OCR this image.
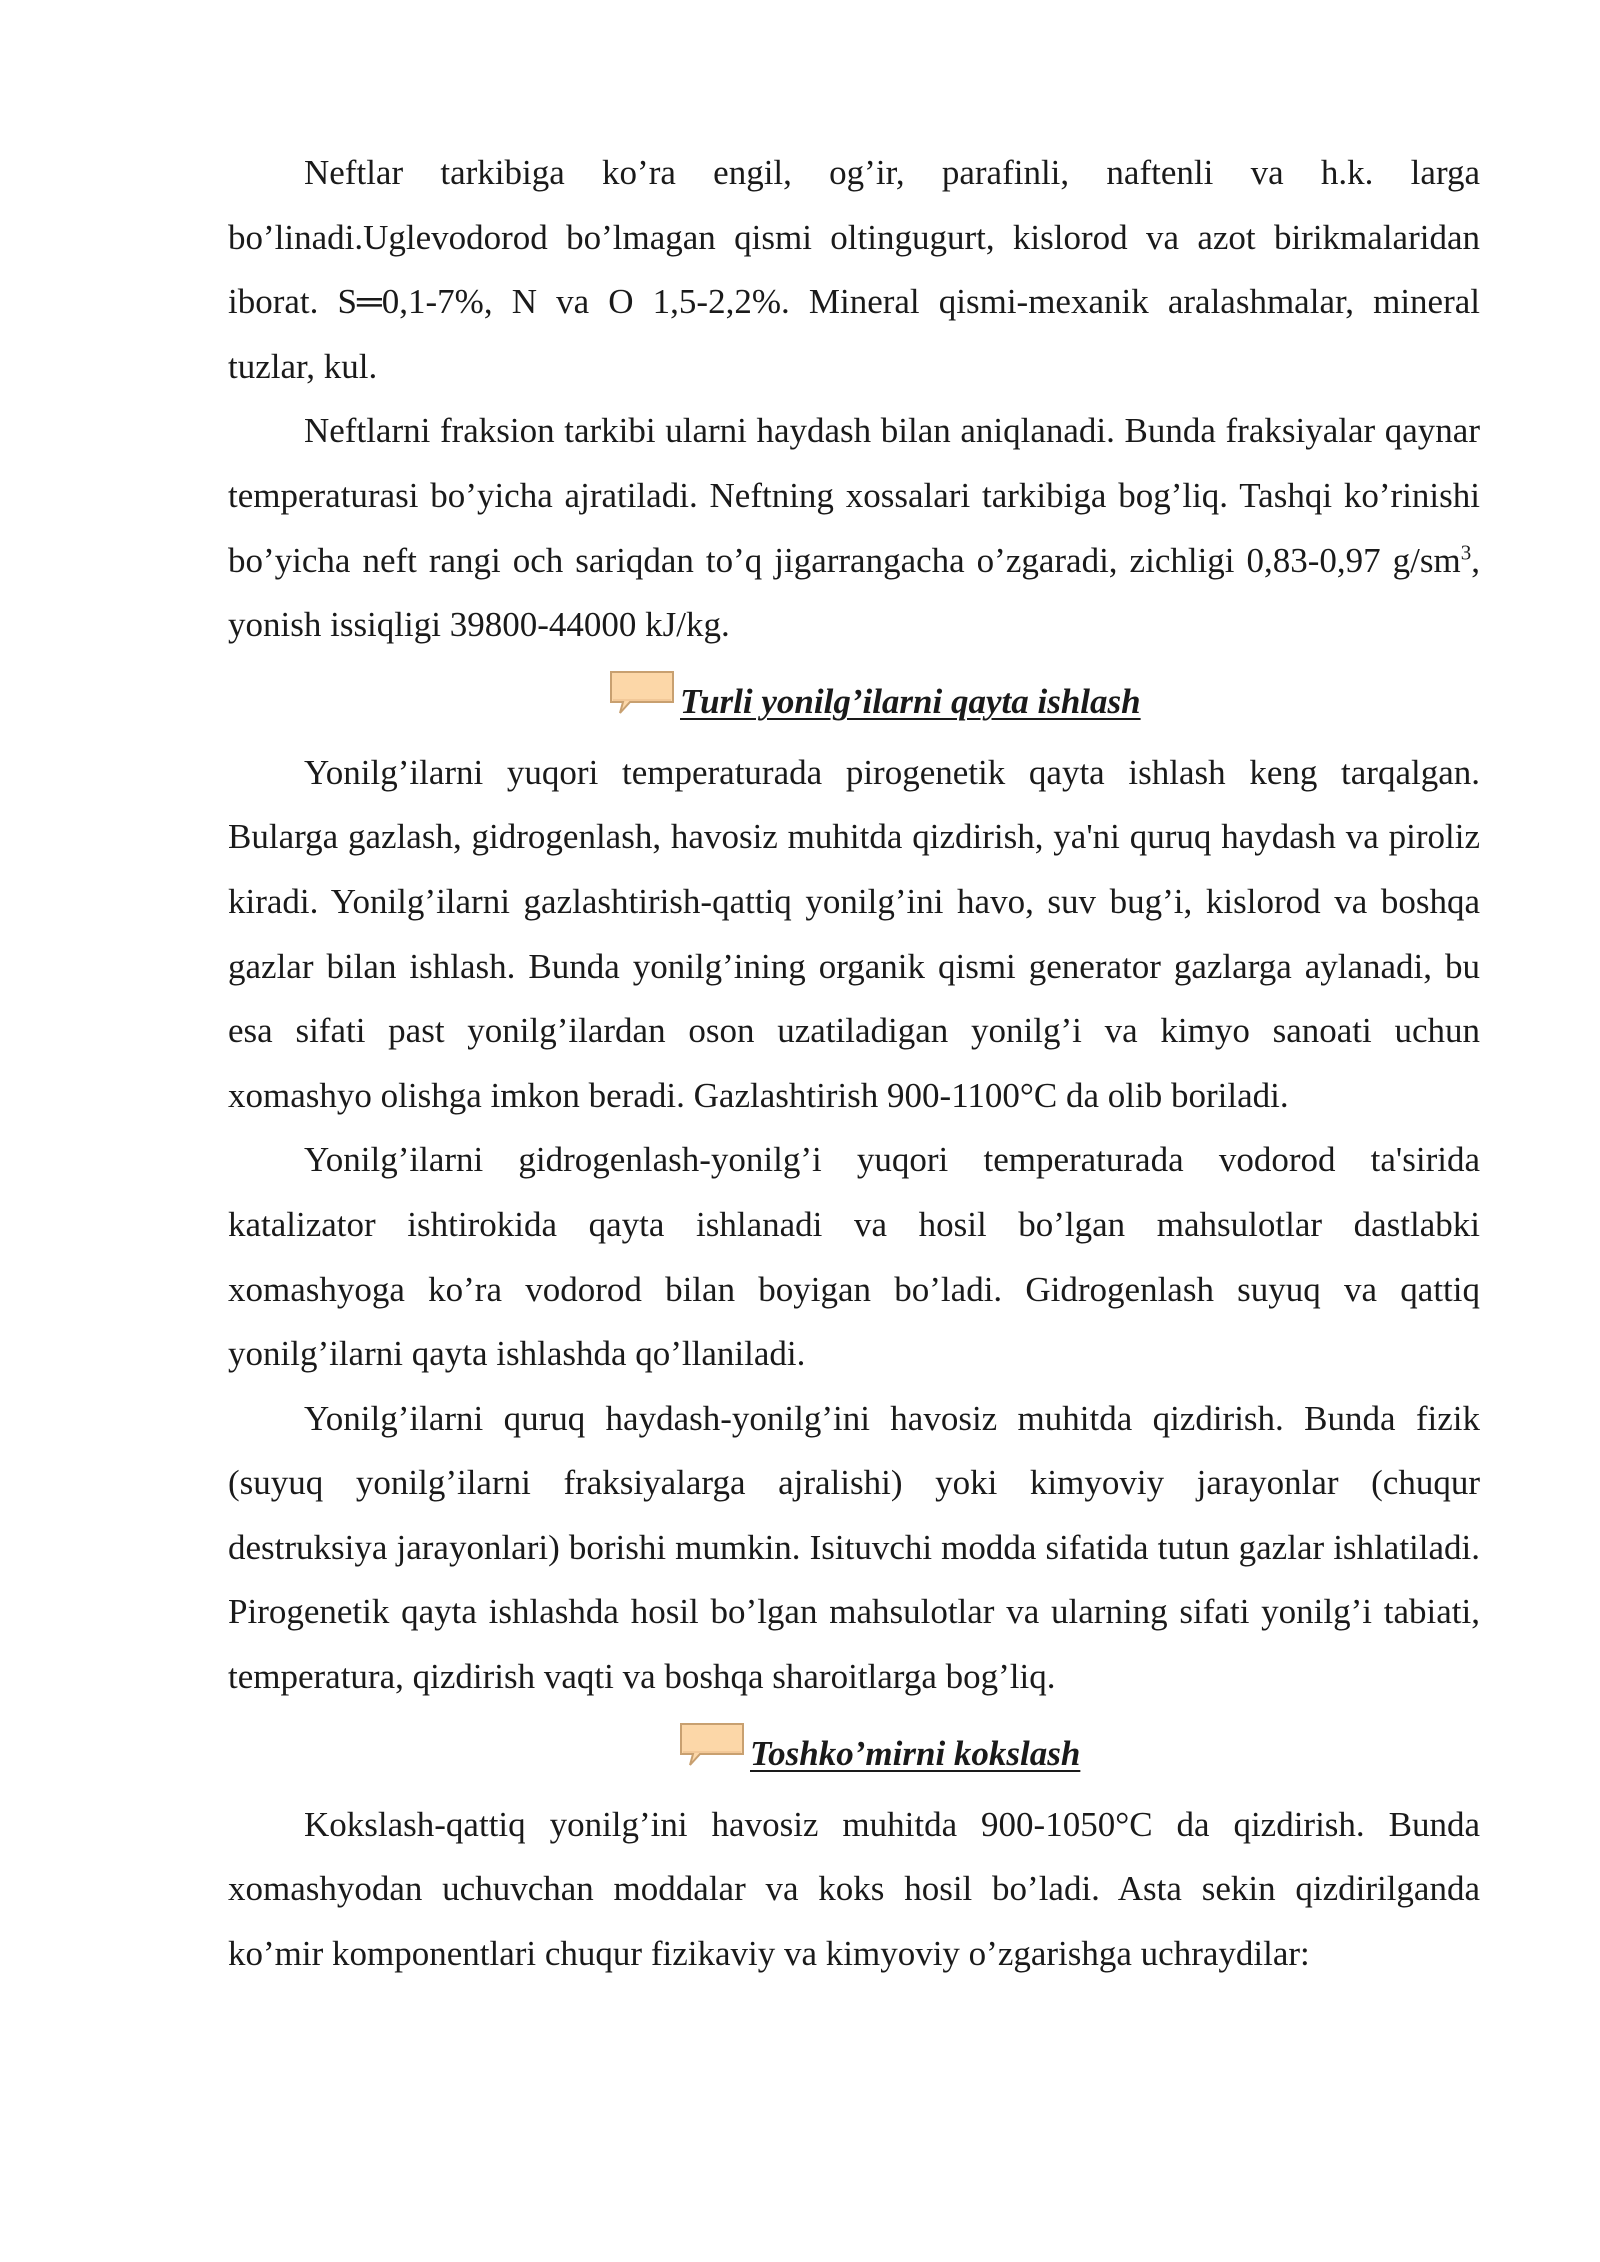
Neftlar tarkibiga ko’ra engil, og’ir, parafinli, naftenli va h.k. larga bo’linadi.Uglevodorod bo’lmagan qismi oltingugurt, kislorod va azot birikmalaridan iborat. S═0,1-7%, N va O 1,5-2,2%. Mineral qismi-mexanik aralashmalar, mineral tuzlar, kul.

Neftlarni fraksion tarkibi ularni haydash bilan aniqlanadi. Bunda fraksiyalar qaynar temperaturasi bo’yicha ajratiladi. Neftning xossalari tarkibiga bog’liq. Tashqi ko’rinishi bo’yicha neft rangi och sariqdan to’q jigarrangacha o’zgaradi, zichligi 0,83-0,97 $g/sm^3$, yonish issiqligi 39800-44000 kJ/kg.

Turli yonilg’ilarni qayta ishlash

Yonilg’ilarni yuqori temperaturada pirogenetik qayta ishlash keng tarqalgan. Bularga gazlash, gidrogenlash, havosiz muhitda qizdirish, ya'ni quruq haydash va piroliz kiradi. Yonilg’ilarni gazlashtirish-qattiq yonilg’ini havo, suv bug’i, kislorod va boshqa gazlar bilan ishlash. Bunda yonilg’ining organik qismi generator gazlarga aylanadi, bu esa sifati past yonilg’ilardan oson uzatiladigan yonilg’i va kimyo sanoati uchun xomashyo olishga imkon beradi. Gazlashtirish 900-1100°C da olib boriladi.

Yonilg’ilarni gidrogenlash-yonilg’i yuqori temperaturada vodorod ta'sirida katalizator ishtirokida qayta ishlanadi va hosil bo’lgan mahsulotlar dastlabki xomashyoga ko’ra vodorod bilan boyigan bo’ladi. Gidrogenlash suyuq va qattiq yonilg’ilarni qayta ishlashda qo’llaniladi.

Yonilg’ilarni quruq haydash-yonilg’ini havosiz muhitda qizdirish. Bunda fizik (suyuq yonilg’ilarni fraksiyalarga ajralishi) yoki kimyoviy jarayonlar (chuqur destruksiya jarayonlari) borishi mumkin. Isituvchi modda sifatida tutun gazlar ishlatiladi. Pirogenetik qayta ishlashda hosil bo’lgan mahsulotlar va ularning sifati yonilg’i tabiati, temperatura, qizdirish vaqti va boshqa sharoitlarga bog’liq.

Toshko’mirni kokslash

Kokslash-qattiq yonilg’ini havosiz muhitda 900-1050°C da qizdirish. Bunda xomashyodan uchuvchan moddalar va koks hosil bo’ladi. Asta sekin qizdirilganda ko’mir komponentlari chuqur fizikaviy va kimyoviy o’zgarishga uchraydilar:
